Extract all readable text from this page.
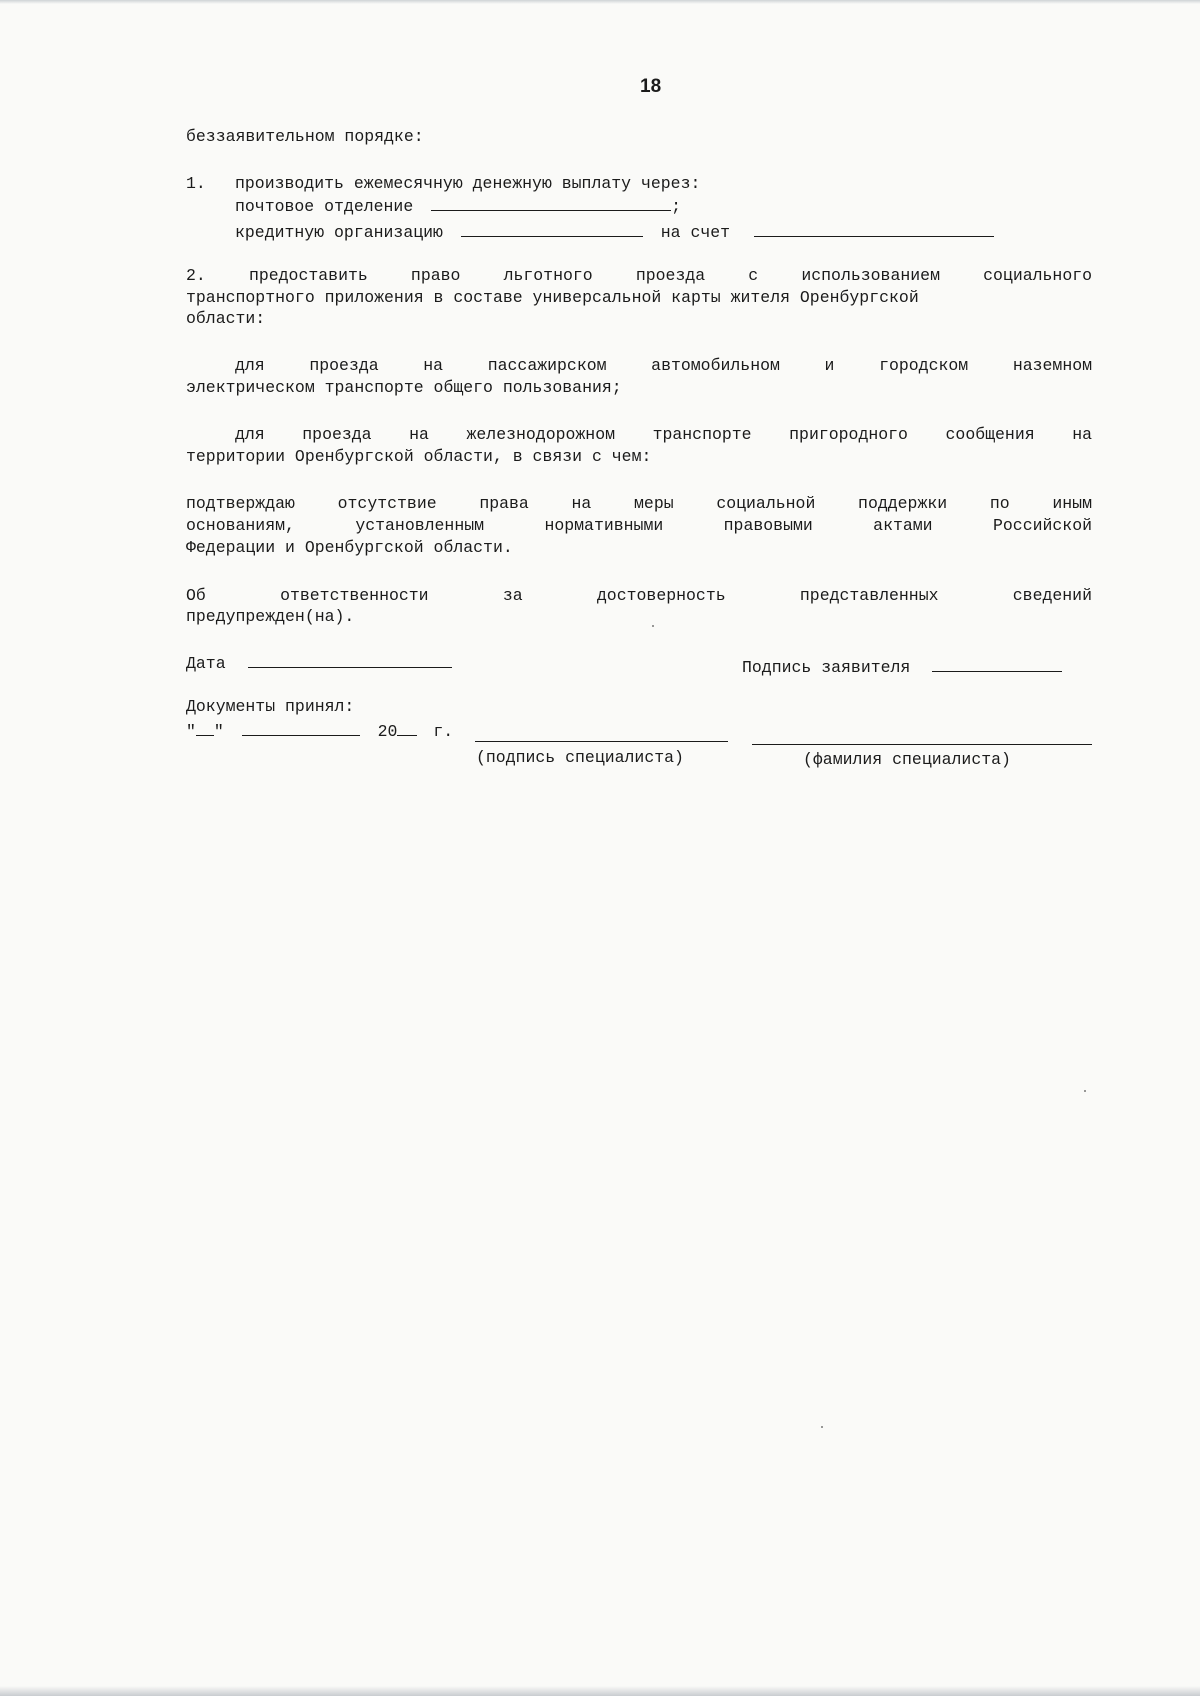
18
беззаявительном порядке:
1. производить ежемесячную денежную выплату через:
почтовое отделение	;
кредитную организацию	на счет
2.	предоставить	право	льготного	проезда	с	использованием	социального
транспортного приложения в составе универсальной карты жителя Оренбургской
области:
для	проезда	на	пассажирском	автомобильном	и	городском	наземном
электрическом транспорте общего пользования;
для проезда на железнодорожном транспорте пригородного сообщения на
территории Оренбургской области, в связи с чем:
подтверждаю	отсутствие	права	на	меры	социальной	поддержки	по	иным
основаниям,	установленным	нормативными	правовыми	актами	Российской
Федерации и Оренбургской области.
Об	ответственности	за	достоверность	представленных	сведений
предупрежден(на).
Дата	Подпись заявителя
Документы принял:
" "	20 г.
(подпись специалиста)	(фамилия специалиста)
